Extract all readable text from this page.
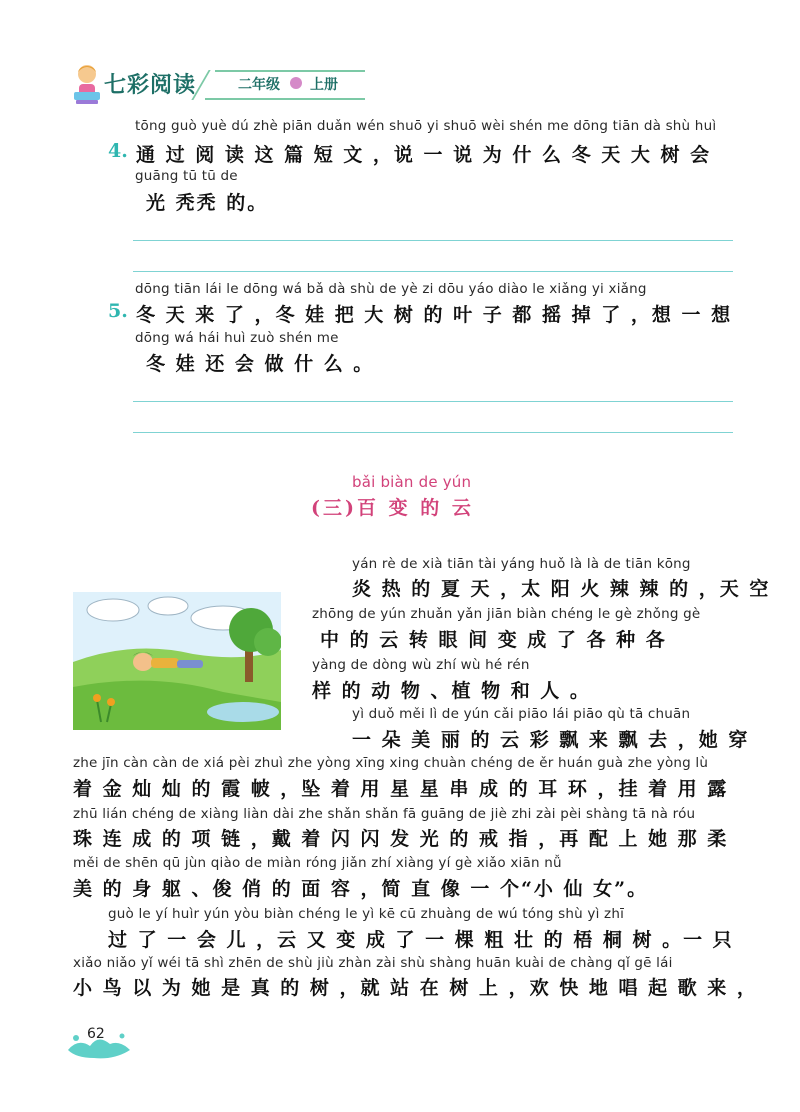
七彩阅读	二年级 上册
tōng guò yuè dú zhè piān duǎn wén shuō yi shuō wèi shén me dōng tiān dà shù huì
4. 通 过 阅 读 这 篇 短 文 ，说 一 说 为 什 么 冬 天 大 树 会
guāng tū tū de
光 秃秃 的。
dōng tiān lái le dōng wá bǎ dà shù de yè zi dōu yáo diào le xiǎng yi xiǎng
5. 冬 天 来 了 ，冬 娃 把 大 树 的 叶 子 都 摇 掉 了 ，想 一 想
dōng wá hái huì zuò shén me
冬 娃 还 会 做 什 么 。
bǎi biàn de yún
(三)百 变 的 云
yán rè de xià tiān tài yáng huǒ là là de tiān kōng
炎 热 的 夏 天 ，太 阳 火 辣 辣 的 ，天 空
zhōng de yún zhuǎn yǎn jiān biàn chéng le gè zhǒng gè
中 的 云 转 眼 间 变 成 了 各 种 各
yàng de dòng wù zhí wù hé rén
样 的 动 物 、植 物 和 人 。
yì duǒ měi lì de yún cǎi piāo lái piāo qù tā chuān
一 朵 美 丽 的 云 彩 飘 来 飘 去 ，她 穿
zhe jīn càn càn de xiá pèi zhuì zhe yòng xīng xing chuàn chéng de ěr huán guà zhe yòng lù
着 金 灿 灿 的 霞 帔 ，坠 着 用 星 星 串 成 的 耳 环 ，挂 着 用 露
zhū lián chéng de xiàng liàn dài zhe shǎn shǎn fā guāng de jiè zhi zài pèi shàng tā nà róu
珠 连 成 的 项 链 ，戴 着 闪 闪 发 光 的 戒 指 ，再 配 上 她 那 柔
měi de shēn qū jùn qiào de miàn róng jiǎn zhí xiàng yí gè xiǎo xiān nǚ
美 的 身 躯 、俊 俏 的 面 容 ，简 直 像 一 个“小 仙 女”。
guò le yí huìr yún yòu biàn chéng le yì kē cū zhuàng de wú tóng shù yì zhī
过 了 一 会 儿 ，云 又 变 成 了 一 棵 粗 壮 的 梧 桐 树 。一 只
xiǎo niǎo yǐ wéi tā shì zhēn de shù jiù zhàn zài shù shàng huān kuài de chàng qǐ gē lái
小 鸟 以 为 她 是 真 的 树 ，就 站 在 树 上 ，欢 快 地 唱 起 歌 来 ，
62
